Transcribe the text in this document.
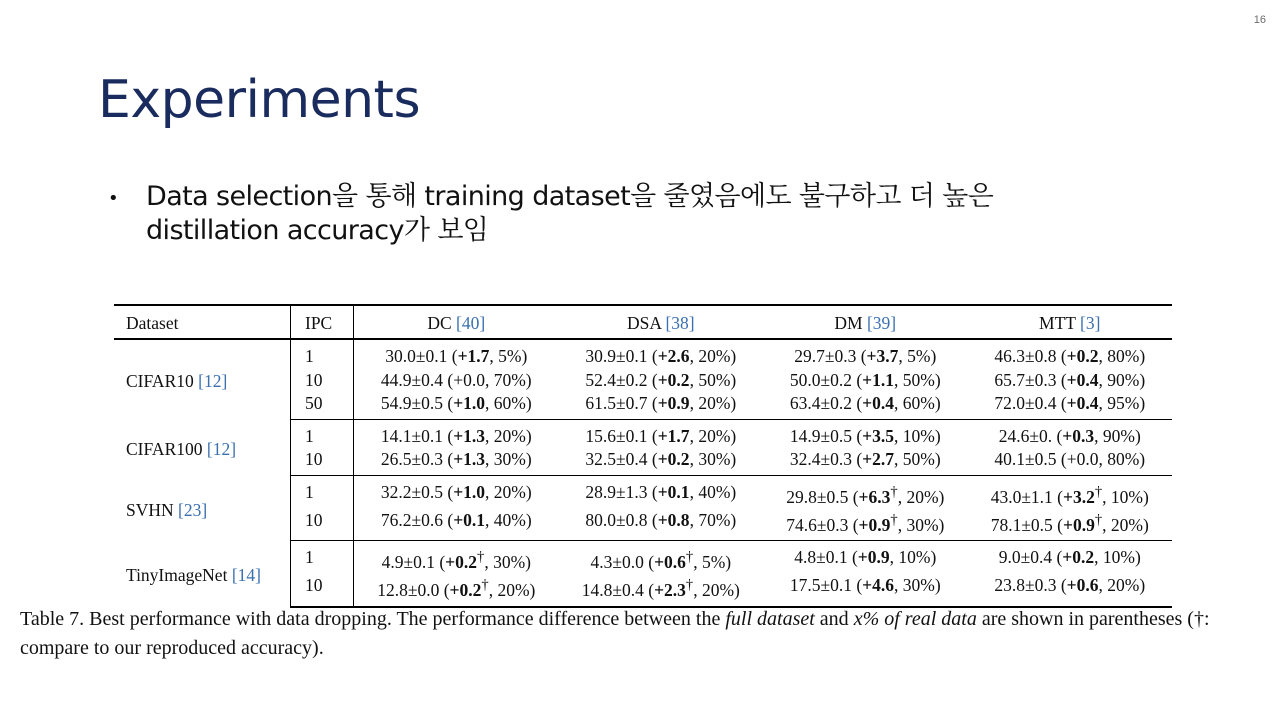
16
Experiments
• Data selection을 통해 training dataset을 줄였음에도 불구하고 더 높은 distillation accuracy가 보임
Dataset	IPC	DC [40]	DSA [38]	DM [39]	MTT [3]
CIFAR10 [12]	1	30.0±0.1 (+1.7, 5%)	30.9±0.1 (+2.6, 20%)	29.7±0.3 (+3.7, 5%)	46.3±0.8 (+0.2, 80%)
	10	44.9±0.4 (+0.0, 70%)	52.4±0.2 (+0.2, 50%)	50.0±0.2 (+1.1, 50%)	65.7±0.3 (+0.4, 90%)
	50	54.9±0.5 (+1.0, 60%)	61.5±0.7 (+0.9, 20%)	63.4±0.2 (+0.4, 60%)	72.0±0.4 (+0.4, 95%)
CIFAR100 [12]	1	14.1±0.1 (+1.3, 20%)	15.6±0.1 (+1.7, 20%)	14.9±0.5 (+3.5, 10%)	24.6±0. (+0.3, 90%)
	10	26.5±0.3 (+1.3, 30%)	32.5±0.4 (+0.2, 30%)	32.4±0.3 (+2.7, 50%)	40.1±0.5 (+0.0, 80%)
SVHN [23]	1	32.2±0.5 (+1.0, 20%)	28.9±1.3 (+0.1, 40%)	29.8±0.5 (+6.3†, 20%)	43.0±1.1 (+3.2†, 10%)
	10	76.2±0.6 (+0.1, 40%)	80.0±0.8 (+0.8, 70%)	74.6±0.3 (+0.9†, 30%)	78.1±0.5 (+0.9†, 20%)
TinyImageNet [14]	1	4.9±0.1 (+0.2†, 30%)	4.3±0.0 (+0.6†, 5%)	4.8±0.1 (+0.9, 10%)	9.0±0.4 (+0.2, 10%)
	10	12.8±0.0 (+0.2†, 20%)	14.8±0.4 (+2.3†, 20%)	17.5±0.1 (+4.6, 30%)	23.8±0.3 (+0.6, 20%)

Table 7. Best performance with data dropping. The performance difference between the full dataset and x% of real data are shown in parentheses (†: compare to our reproduced accuracy).
